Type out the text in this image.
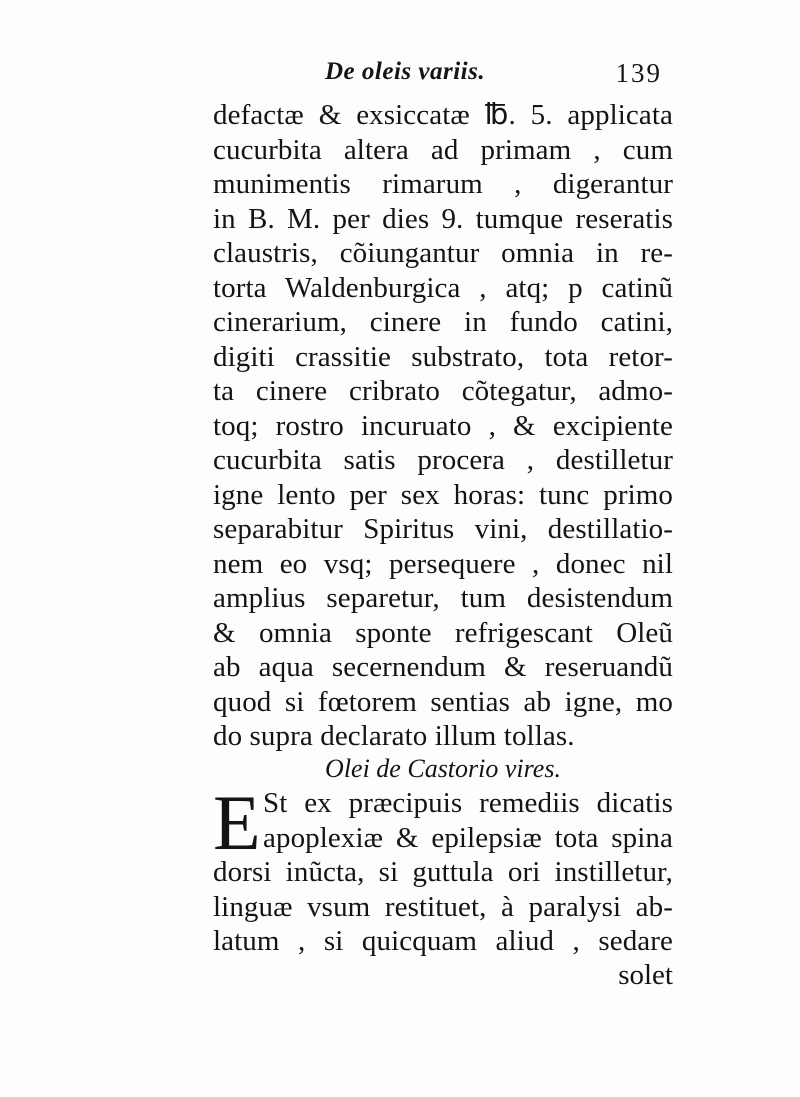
De oleis variis.	139
defactæ & exsiccatæ ℔. 5. applicata
cucurbita altera ad primam , cum
munimentis rimarum , digerantur
in B. M. per dies 9. tumque reseratis
claustris, cõiungantur omnia in re-
torta Waldenburgica , atq; p catinũ
cinerarium, cinere in fundo catini,
digiti crassitie substrato, tota retor-
ta cinere cribrato cõtegatur, admo-
toq; rostro incuruato , & excipiente
cucurbita satis procera , destilletur
igne lento per sex horas: tunc primo
separabitur Spiritus vini, destillatio-
nem eo vsq; persequere , donec nil
amplius separetur, tum desistendum
& omnia sponte refrigescant Oleũ
ab aqua secernendum & reseruandũ
quod si fœtorem sentias ab igne, mo
do supra declarato illum tollas.
Olei de Castorio vires.
E St ex præcipuis remediis dicatis
apoplexiæ & epilepsiæ tota spina
dorsi inũcta, si guttula ori instilletur,
linguæ vsum restituet, à paralysi ab-
latum , si quicquam aliud , sedare
solet
